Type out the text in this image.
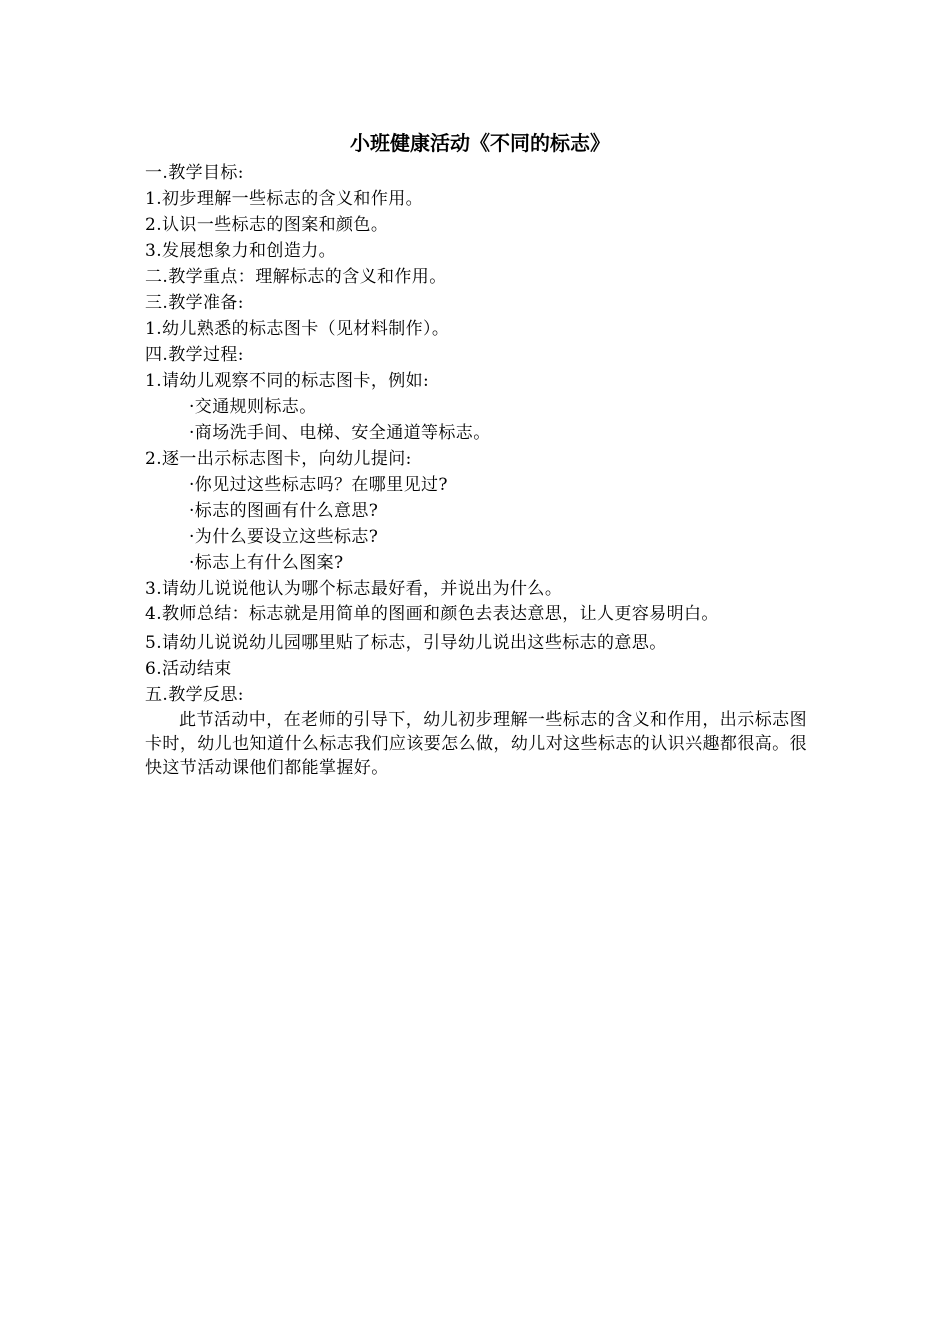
小班健康活动《不同的标志》
一.教学目标:
1.初步理解一些标志的含义和作用。
2.认识一些标志的图案和颜色。
3.发展想象力和创造力。
二.教学重点：理解标志的含义和作用。
三.教学准备:
1.幼儿熟悉的标志图卡（见材料制作）。
四.教学过程:
1.请幼儿观察不同的标志图卡，例如:
·交通规则标志。
·商场洗手间、电梯、安全通道等标志。
2.逐一出示标志图卡，向幼儿提问:
·你见过这些标志吗？在哪里见过?
·标志的图画有什么意思?
·为什么要设立这些标志?
·标志上有什么图案?
3.请幼儿说说他认为哪个标志最好看，并说出为什么。
4.教师总结：标志就是用简单的图画和颜色去表达意思，让人更容易明白。
5.请幼儿说说幼儿园哪里贴了标志，引导幼儿说出这些标志的意思。
6.活动结束
五.教学反思:
此节活动中，在老师的引导下，幼儿初步理解一些标志的含义和作用，出示标志图卡时，幼儿也知道什么标志我们应该要怎么做，幼儿对这些标志的认识兴趣都很高。很快这节活动课他们都能掌握好。
